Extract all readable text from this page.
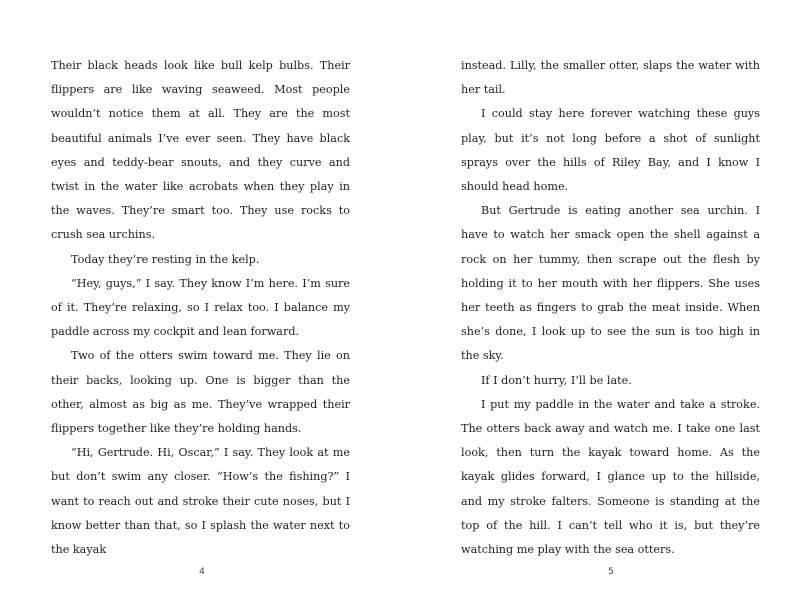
Their black heads look like bull kelp bulbs. Their flippers are like waving seaweed. Most people wouldn’t notice them at all. They are the most beautiful animals I’ve ever seen. They have black eyes and teddy-bear snouts, and they curve and twist in the water like acrobats when they play in the waves. They’re smart too. They use rocks to crush sea urchins.

Today they’re resting in the kelp.

“Hey, guys,” I say. They know I’m here. I’m sure of it. They’re relaxing, so I relax too. I balance my paddle across my cockpit and lean forward.

Two of the otters swim toward me. They lie on their backs, looking up. One is bigger than the other, almost as big as me. They’ve wrapped their flippers together like they’re holding hands.

“Hi, Gertrude. Hi, Oscar,” I say. They look at me but don’t swim any closer. “How’s the fishing?” I want to reach out and stroke their cute noses, but I know better than that, so I splash the water next to the kayak

4

instead. Lilly, the smaller otter, slaps the water with her tail.

I could stay here forever watching these guys play, but it’s not long before a shot of sunlight sprays over the hills of Riley Bay, and I know I should head home.

But Gertrude is eating another sea urchin. I have to watch her smack open the shell against a rock on her tummy, then scrape out the flesh by holding it to her mouth with her flippers. She uses her teeth as fingers to grab the meat inside. When she’s done, I look up to see the sun is too high in the sky.

If I don’t hurry, I’ll be late.

I put my paddle in the water and take a stroke. The otters back away and watch me. I take one last look, then turn the kayak toward home. As the kayak glides forward, I glance up to the hillside, and my stroke falters. Someone is standing at the top of the hill. I can’t tell who it is, but they’re watching me play with the sea otters.

5
